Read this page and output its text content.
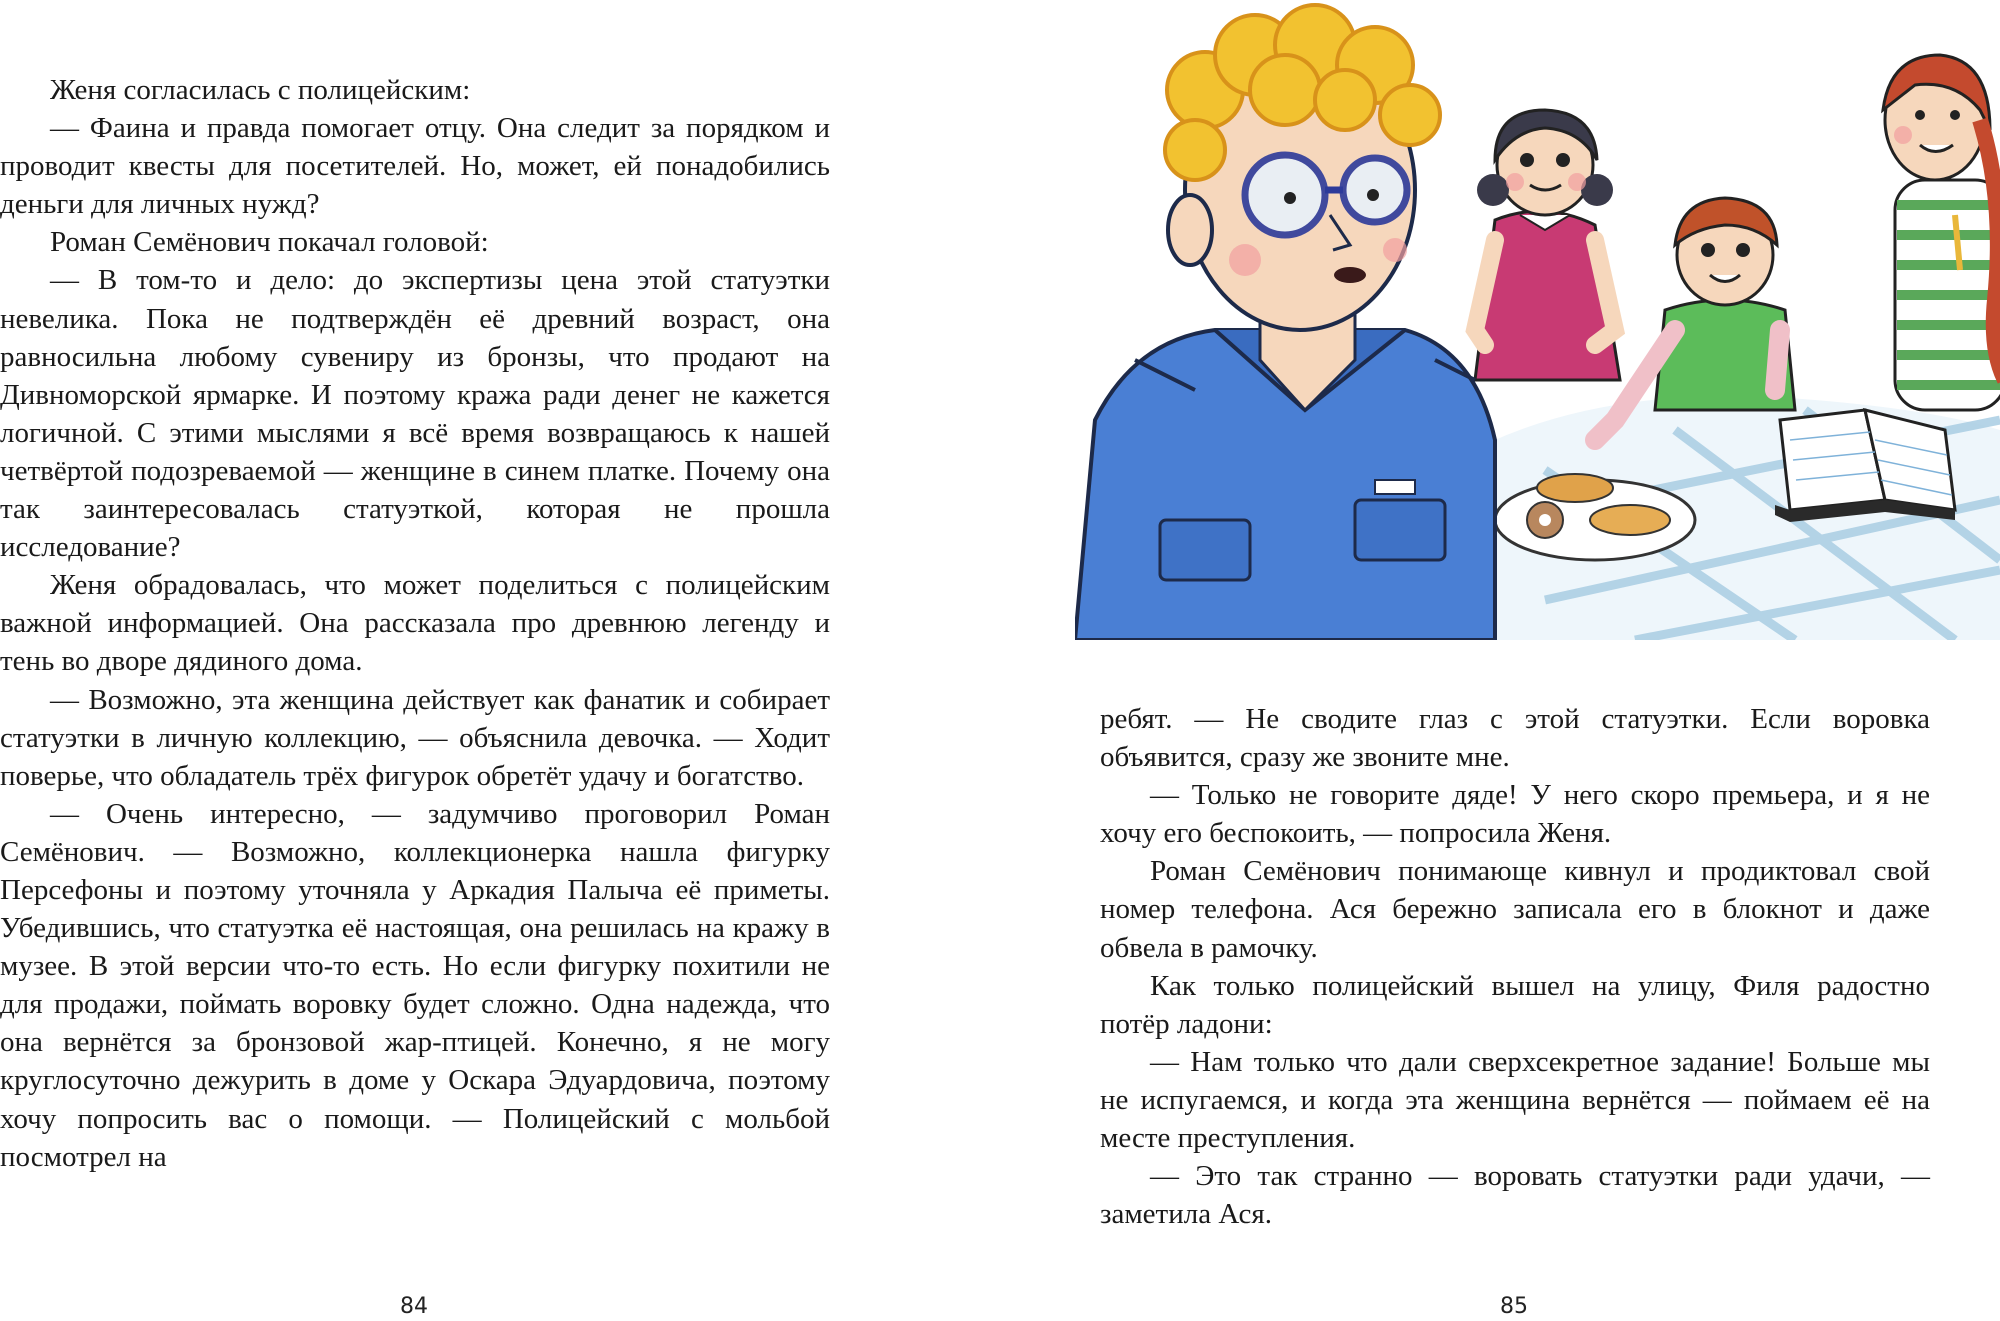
Женя согласилась с полицейским:

— Фаина и правда помогает отцу. Она следит за порядком и проводит квесты для посетителей. Но, может, ей понадобились деньги для личных нужд?

Роман Семёнович покачал головой:

— В том-то и дело: до экспертизы цена этой статуэтки невелика. Пока не подтверждён её древний возраст, она равносильна любому сувениру из бронзы, что продают на Дивноморской ярмарке. И поэтому кража ради денег не кажется логичной. С этими мыслями я всё время возвращаюсь к нашей четвёртой подозреваемой — женщине в синем платке. Почему она так заинтересовалась статуэткой, которая не прошла исследование?

Женя обрадовалась, что может поделиться с полицейским важной информацией. Она рассказала про древнюю легенду и тень во дворе дядиного дома.

— Возможно, эта женщина действует как фанатик и собирает статуэтки в личную коллекцию, — объяснила девочка. — Ходит поверье, что обладатель трёх фигурок обретёт удачу и богатство.

— Очень интересно, — задумчиво проговорил Роман Семёнович. — Возможно, коллекционерка нашла фигурку Персефоны и поэтому уточняла у Аркадия Палыча её приметы. Убедившись, что статуэтка её настоящая, она решилась на кражу в музее. В этой версии что-то есть. Но если фигурку похитили не для продажи, поймать воровку будет сложно. Одна надежда, что она вернётся за бронзовой жар-птицей. Конечно, я не могу круглосуточно дежурить в доме у Оскара Эдуардовича, поэтому хочу попросить вас о помощи. — Полицейский с мольбой посмотрел на

84

ребят. — Не сводите глаз с этой статуэтки. Если воровка объявится, сразу же звоните мне.

— Только не говорите дяде! У него скоро премьера, и я не хочу его беспокоить, — попросила Женя.

Роман Семёнович понимающе кивнул и продиктовал свой номер телефона. Ася бережно записала его в блокнот и даже обвела в рамочку.

Как только полицейский вышел на улицу, Филя радостно потёр ладони:

— Нам только что дали сверхсекретное задание! Больше мы не испугаемся, и когда эта женщина вернётся — поймаем её на месте преступления.

— Это так странно — воровать статуэтки ради удачи, — заметила Ася.

85
